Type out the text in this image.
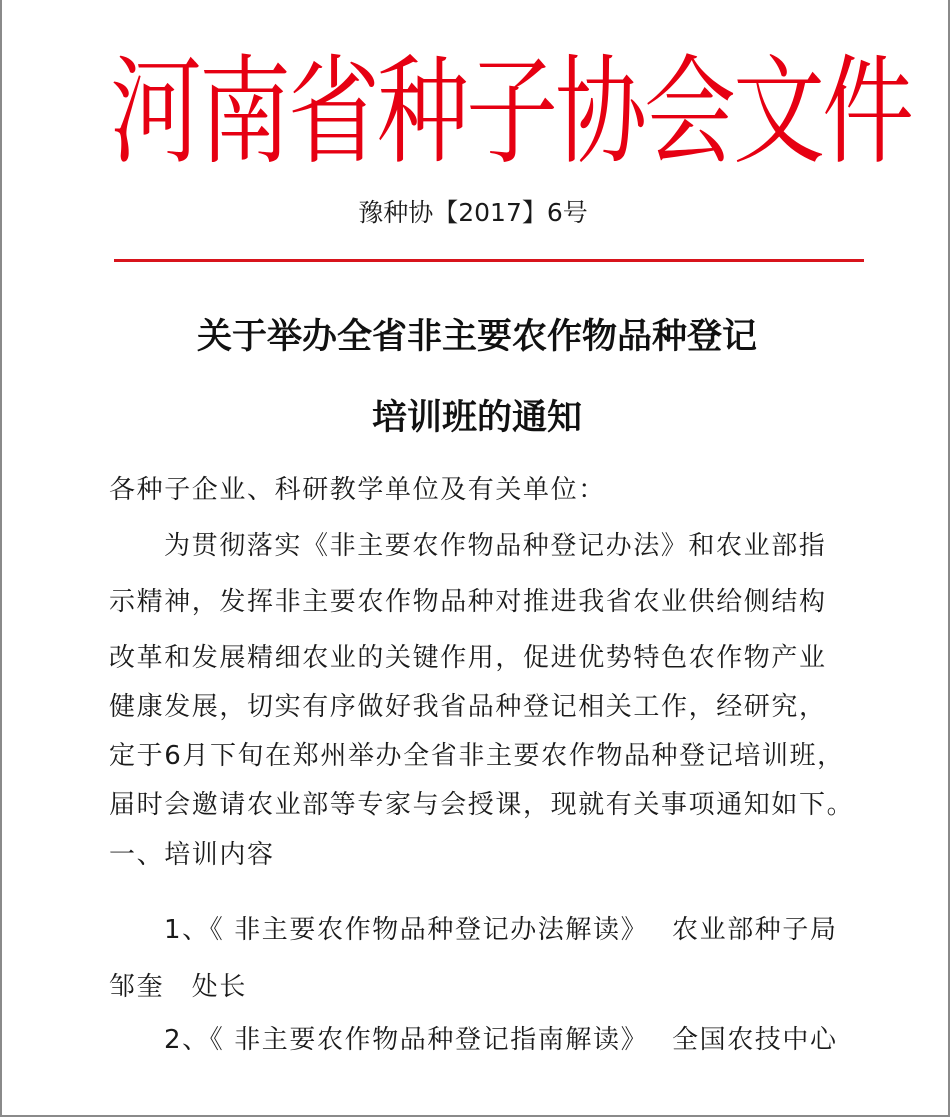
河南省种子协会文件
豫种协【2017】6号
关于举办全省非主要农作物品种登记
培训班的通知
各种子企业、科研教学单位及有关单位：
为贯彻落实《非主要农作物品种登记办法》和农业部指
示精神，发挥非主要农作物品种对推进我省农业供给侧结构
改革和发展精细农业的关键作用，促进优势特色农作物产业
健康发展，切实有序做好我省品种登记相关工作，经研究，
定于6月下旬在郑州举办全省非主要农作物品种登记培训班，
届时会邀请农业部等专家与会授课，现就有关事项通知如下。
一、培训内容
1、《 非主要农作物品种登记办法解读》 农业部种子局
邹奎　处长
2、《 非主要农作物品种登记指南解读》 全国农技中心
